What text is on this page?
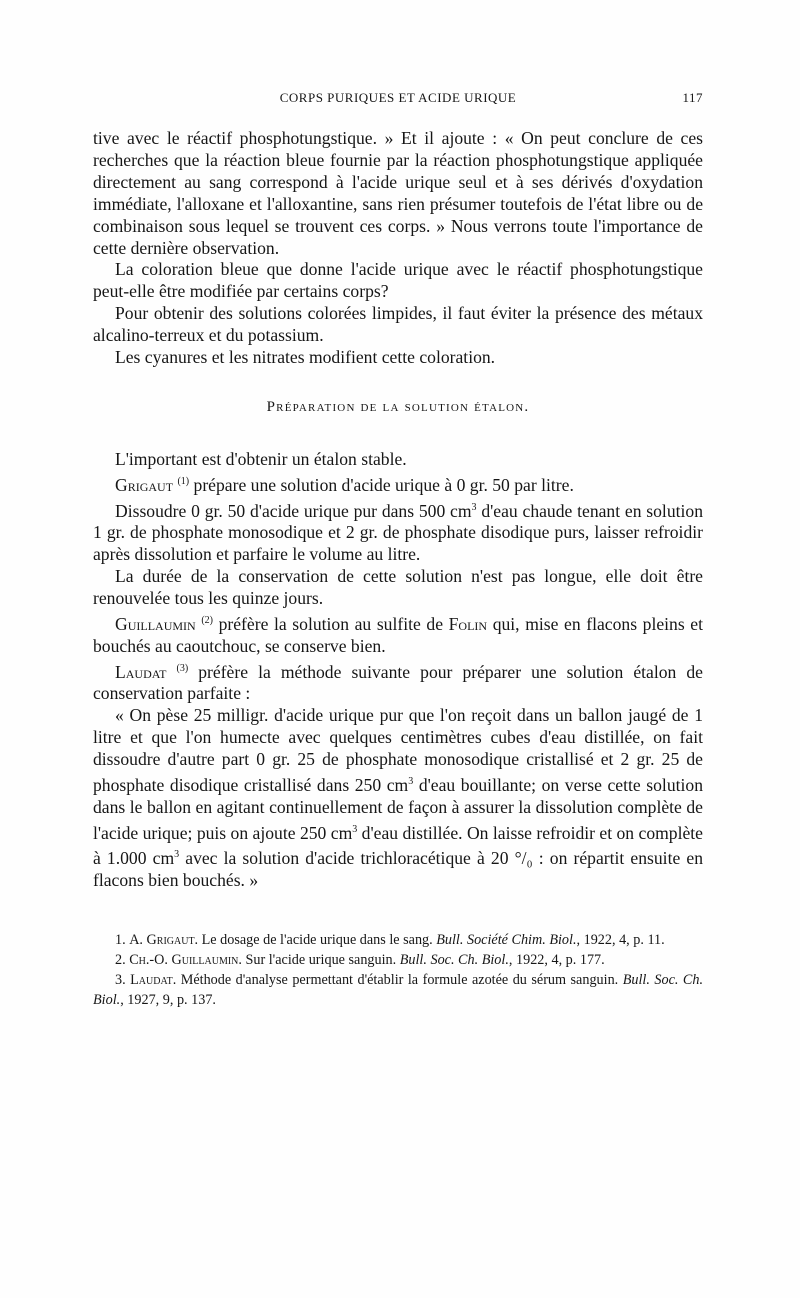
CORPS PURIQUES ET ACIDE URIQUE	117

tive avec le réactif phosphotungstique. » Et il ajoute : « On peut conclure de ces recherches que la réaction bleue fournie par la réaction phosphotungstique appliquée directement au sang correspond à l'acide urique seul et à ses dérivés d'oxydation immédiate, l'alloxane et l'alloxantine, sans rien présumer toutefois de l'état libre ou de combinaison sous lequel se trouvent ces corps. » Nous verrons toute l'importance de cette dernière observation.

La coloration bleue que donne l'acide urique avec le réactif phosphotungstique peut-elle être modifiée par certains corps?

Pour obtenir des solutions colorées limpides, il faut éviter la présence des métaux alcalino-terreux et du potassium.

Les cyanures et les nitrates modifient cette coloration.

Préparation de la solution étalon.

L'important est d'obtenir un étalon stable.

Grigaut $^{(1)}$ prépare une solution d'acide urique à 0 gr. 50 par litre.

Dissoudre 0 gr. 50 d'acide urique pur dans 500 $cm^3$ d'eau chaude tenant en solution 1 gr. de phosphate monosodique et 2 gr. de phosphate disodique purs, laisser refroidir après dissolution et parfaire le volume au litre.

La durée de la conservation de cette solution n'est pas longue, elle doit être renouvelée tous les quinze jours.

Guillaumin $^{(2)}$ préfère la solution au sulfite de Folin qui, mise en flacons pleins et bouchés au caoutchouc, se conserve bien.

Laudat $^{(3)}$ préfère la méthode suivante pour préparer une solution étalon de conservation parfaite :

« On pèse 25 milligr. d'acide urique pur que l'on reçoit dans un ballon jaugé de 1 litre et que l'on humecte avec quelques centimètres cubes d'eau distillée, on fait dissoudre d'autre part 0 gr. 25 de phosphate monosodique cristallisé et 2 gr. 25 de phosphate disodique cristallisé dans 250 $cm^3$ d'eau bouillante; on verse cette solution dans le ballon en agitant continuellement de façon à assurer la dissolution complète de l'acide urique; puis on ajoute 250 $cm^3$ d'eau distillée. On laisse refroidir et on complète à 1.000 $cm^3$ avec la solution d'acide trichloracétique à 20 °/₀ : on répartit ensuite en flacons bien bouchés. »

1. A. Grigaut. Le dosage de l'acide urique dans le sang. Bull. Société Chim. Biol., 1922, 4, p. 11.

2. Ch.-O. Guillaumin. Sur l'acide urique sanguin. Bull. Soc. Ch. Biol., 1922, 4, p. 177.

3. Laudat. Méthode d'analyse permettant d'établir la formule azotée du sérum sanguin. Bull. Soc. Ch. Biol., 1927, 9, p. 137.
